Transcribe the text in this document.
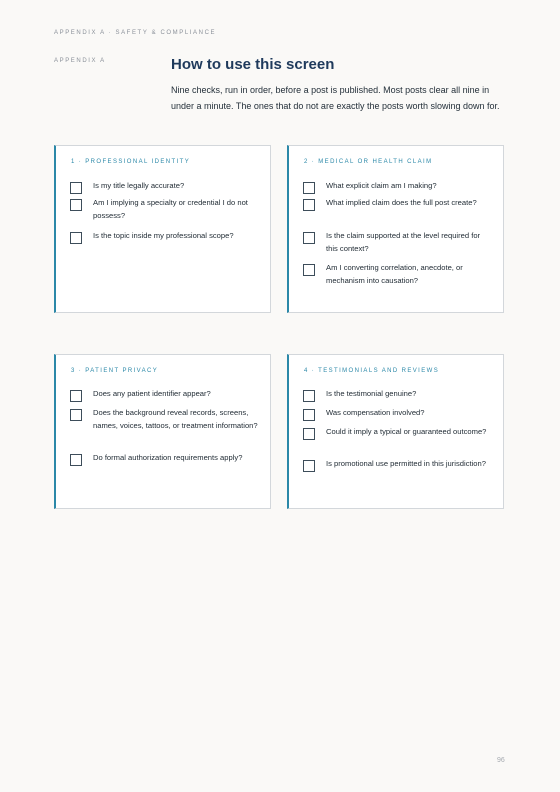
APPENDIX A · SAFETY & COMPLIANCE
APPENDIX A	How to use this screen

Nine checks, run in order, before a post is published. Most posts clear all nine in under a minute. The ones that do not are exactly the posts worth slowing down for.

1 · PROFESSIONAL IDENTITY
Is my title legally accurate?
Am I implying a specialty or credential I do not possess?
Is the topic inside my professional scope?
2 · MEDICAL OR HEALTH CLAIM
What explicit claim am I making?
What implied claim does the full post create?
Is the claim supported at the level required for this context?
Am I converting correlation, anecdote, or mechanism into causation?
3 · PATIENT PRIVACY
Does any patient identifier appear?
Does the background reveal records, screens, names, voices, tattoos, or treatment information?
Do formal authorization requirements apply?
4 · TESTIMONIALS AND REVIEWS
Is the testimonial genuine?
Was compensation involved?
Could it imply a typical or guaranteed outcome?
Is promotional use permitted in this jurisdiction?
96
